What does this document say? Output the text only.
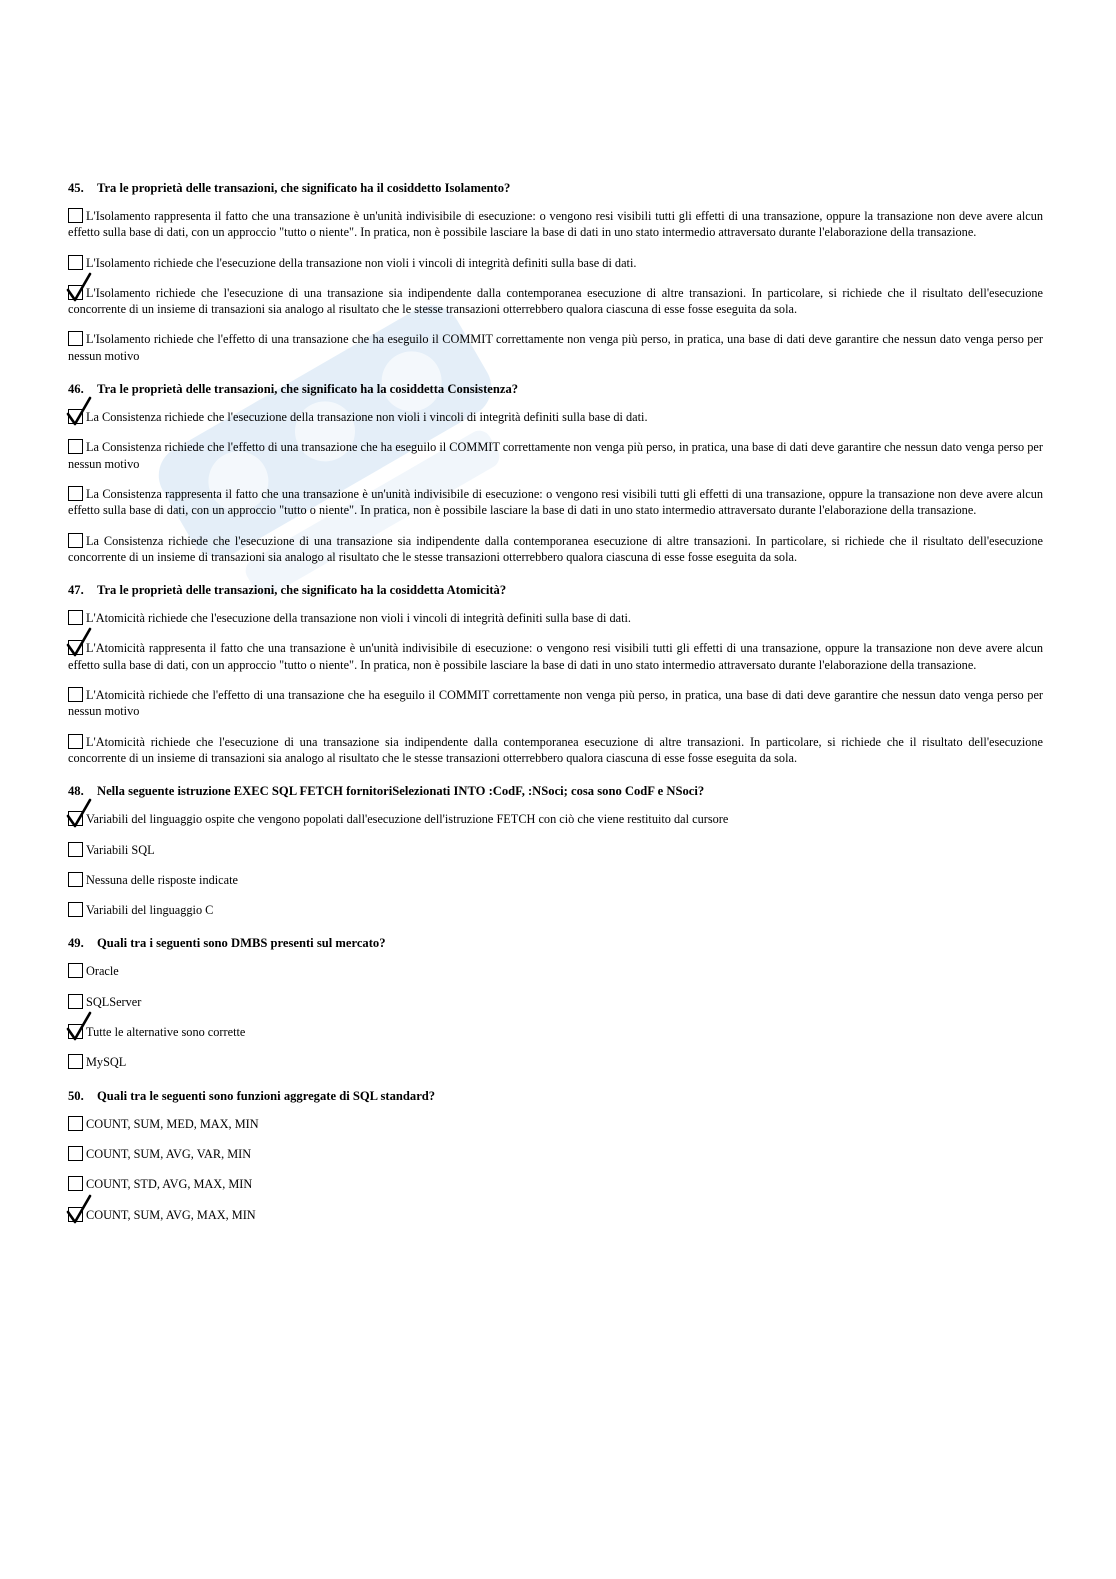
45. Tra le proprietà delle transazioni, che significato ha il cosiddetto Isolamento?
L'Isolamento rappresenta il fatto che una transazione è un'unità indivisibile di esecuzione: o vengono resi visibili tutti gli effetti di una transazione, oppure la transazione non deve avere alcun effetto sulla base di dati, con un approccio "tutto o niente". In pratica, non è possibile lasciare la base di dati in uno stato intermedio attraversato durante l'elaborazione della transazione.
L'Isolamento richiede che l'esecuzione della transazione non violi i vincoli di integrità definiti sulla base di dati.
L'Isolamento richiede che l'esecuzione di una transazione sia indipendente dalla contemporanea esecuzione di altre transazioni. In particolare, si richiede che il risultato dell'esecuzione concorrente di un insieme di transazioni sia analogo al risultato che le stesse transazioni otterrebbero qualora ciascuna di esse fosse eseguita da sola.
L'Isolamento richiede che l'effetto di una transazione che ha eseguilo il COMMIT correttamente non venga più perso, in pratica, una base di dati deve garantire che nessun dato venga perso per nessun motivo
46. Tra le proprietà delle transazioni, che significato ha la cosiddetta Consistenza?
La Consistenza richiede che l'esecuzione della transazione non violi i vincoli di integrità definiti sulla base di dati.
La Consistenza richiede che l'effetto di una transazione che ha eseguilo il COMMIT correttamente non venga più perso, in pratica, una base di dati deve garantire che nessun dato venga perso per nessun motivo
La Consistenza rappresenta il fatto che una transazione è un'unità indivisibile di esecuzione: o vengono resi visibili tutti gli effetti di una transazione, oppure la transazione non deve avere alcun effetto sulla base di dati, con un approccio "tutto o niente". In pratica, non è possibile lasciare la base di dati in uno stato intermedio attraversato durante l'elaborazione della transazione.
La Consistenza richiede che l'esecuzione di una transazione sia indipendente dalla contemporanea esecuzione di altre transazioni. In particolare, si richiede che il risultato dell'esecuzione concorrente di un insieme di transazioni sia analogo al risultato che le stesse transazioni otterrebbero qualora ciascuna di esse fosse eseguita da sola.
47. Tra le proprietà delle transazioni, che significato ha la cosiddetta Atomicità?
L'Atomicità richiede che l'esecuzione della transazione non violi i vincoli di integrità definiti sulla base di dati.
L'Atomicità rappresenta il fatto che una transazione è un'unità indivisibile di esecuzione: o vengono resi visibili tutti gli effetti di una transazione, oppure la transazione non deve avere alcun effetto sulla base di dati, con un approccio "tutto o niente". In pratica, non è possibile lasciare la base di dati in uno stato intermedio attraversato durante l'elaborazione della transazione.
L'Atomicità richiede che l'effetto di una transazione che ha eseguilo il COMMIT correttamente non venga più perso, in pratica, una base di dati deve garantire che nessun dato venga perso per nessun motivo
L'Atomicità richiede che l'esecuzione di una transazione sia indipendente dalla contemporanea esecuzione di altre transazioni. In particolare, si richiede che il risultato dell'esecuzione concorrente di un insieme di transazioni sia analogo al risultato che le stesse transazioni otterrebbero qualora ciascuna di esse fosse eseguita da sola.
48. Nella seguente istruzione EXEC SQL FETCH fornitoriSelezionati INTO :CodF, :NSoci; cosa sono CodF e NSoci?
Variabili del linguaggio ospite che vengono popolati dall'esecuzione dell'istruzione FETCH con ciò che viene restituito dal cursore
Variabili SQL
Nessuna delle risposte indicate
Variabili del linguaggio C
49. Quali tra i seguenti sono DMBS presenti sul mercato?
Oracle
SQLServer
Tutte le alternative sono corrette
MySQL
50. Quali tra le seguenti sono funzioni aggregate di SQL standard?
COUNT, SUM, MED, MAX, MIN
COUNT, SUM, AVG, VAR, MIN
COUNT, STD, AVG, MAX, MIN
COUNT, SUM, AVG, MAX, MIN
